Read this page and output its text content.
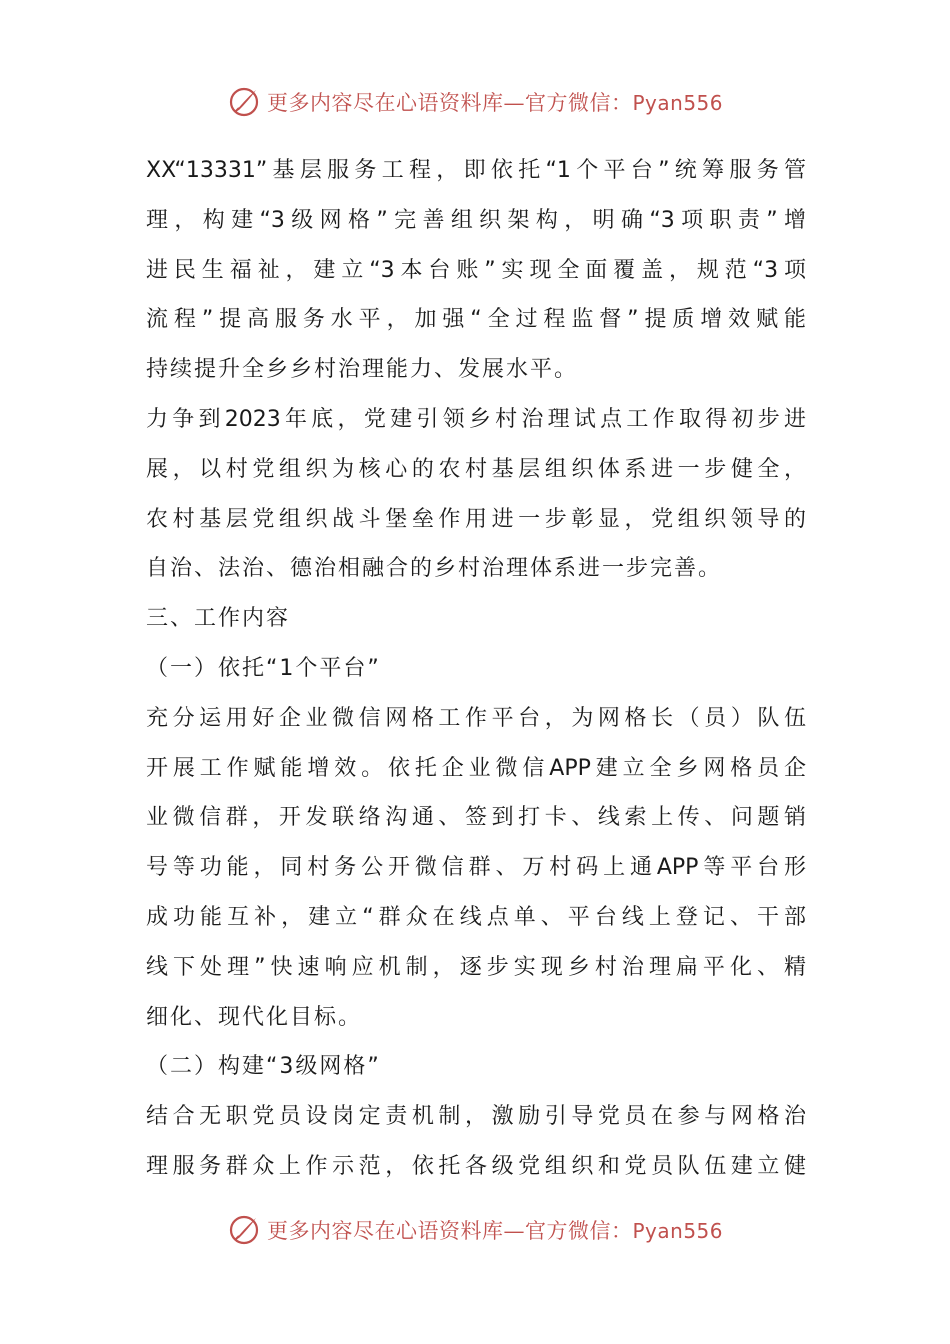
更多内容尽在心语资料库—官方微信：Pyan556
XX“13331”基层服务工程，即依托“1个平台”统筹服务管
理，构建“3级网格”完善组织架构，明确“3项职责”增
进民生福祉，建立“3本台账”实现全面覆盖，规范“3项
流程”提高服务水平，加强“全过程监督”提质增效赋能
持续提升全乡乡村治理能力、发展水平。
力争到2023年底，党建引领乡村治理试点工作取得初步进
展，以村党组织为核心的农村基层组织体系进一步健全，
农村基层党组织战斗堡垒作用进一步彰显，党组织领导的
自治、法治、德治相融合的乡村治理体系进一步完善。
三、工作内容
（一）依托“1个平台”
充分运用好企业微信网格工作平台，为网格长（员）队伍
开展工作赋能增效。依托企业微信APP建立全乡网格员企
业微信群，开发联络沟通、签到打卡、线索上传、问题销
号等功能，同村务公开微信群、万村码上通APP等平台形
成功能互补，建立“群众在线点单、平台线上登记、干部
线下处理”快速响应机制，逐步实现乡村治理扁平化、精
细化、现代化目标。
（二）构建“3级网格”
结合无职党员设岗定责机制，激励引导党员在参与网格治
理服务群众上作示范，依托各级党组织和党员队伍建立健
更多内容尽在心语资料库—官方微信：Pyan556
